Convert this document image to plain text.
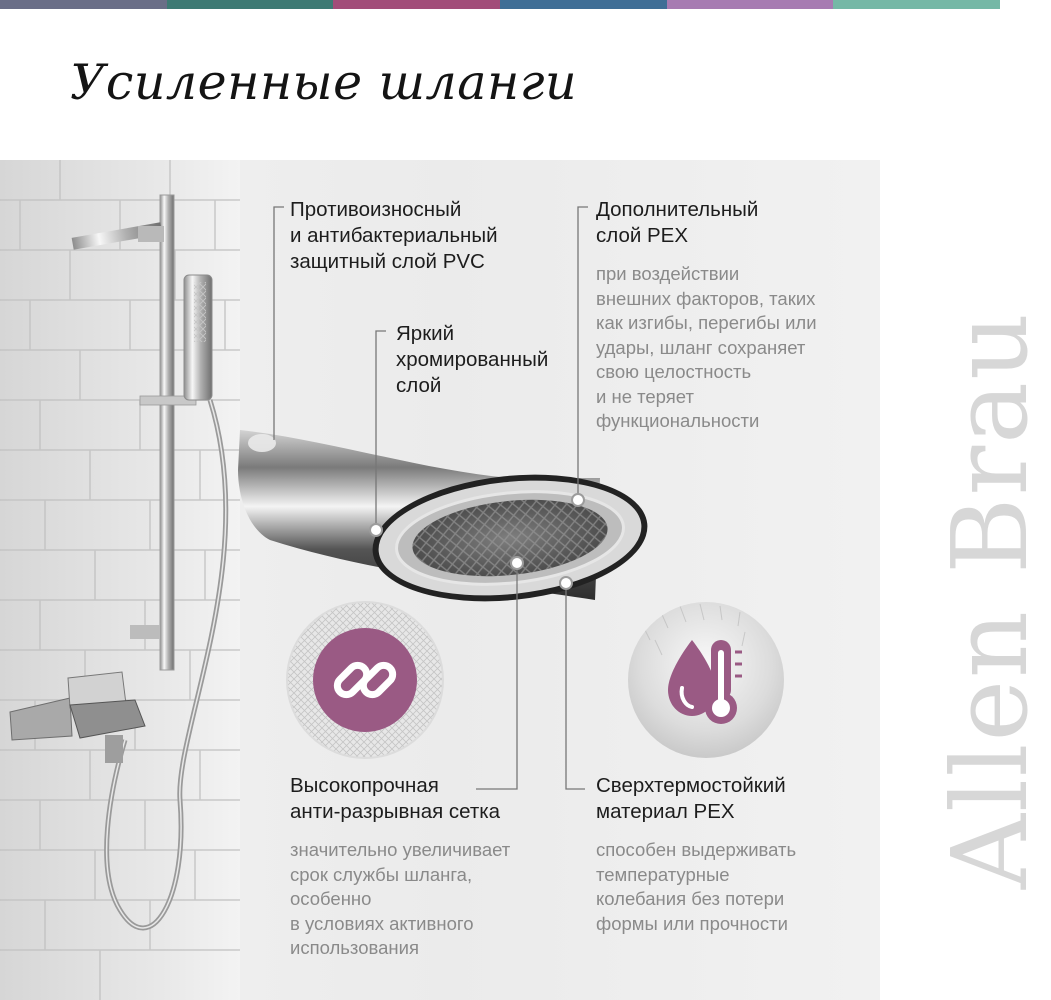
Усиленные шланги
Allen Brau

Противоизносный
и антибактериальный
защитный слой PVC

Яркий
хромированный
слой

Дополнительный
слой PEX

при воздействии
внешних факторов, таких
как изгибы, перегибы или
удары, шланг сохраняет
свою целостность
и не теряет
функциональности

Высокопрочная
анти-разрывная сетка

значительно увеличивает
срок службы шланга,
особенно
в условиях активного
использования

Сверхтермостойкий
материал PEX

способен выдерживать
температурные
колебания без потери
формы или прочности
